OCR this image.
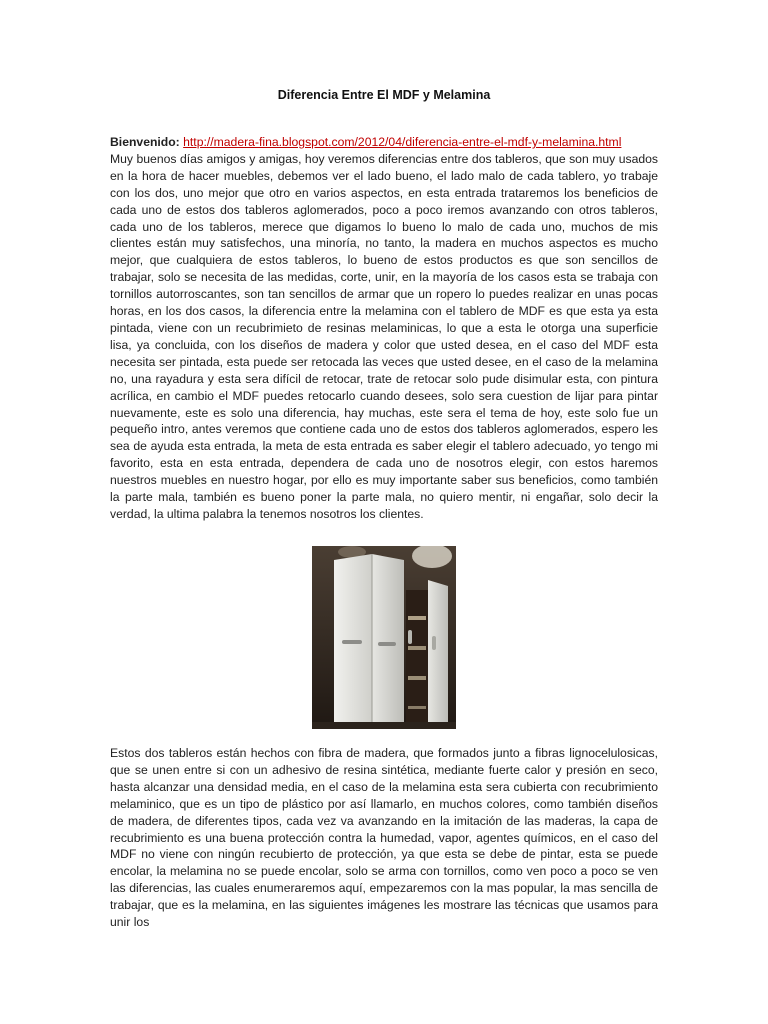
Diferencia Entre El MDF y Melamina
Bienvenido: http://madera-fina.blogspot.com/2012/04/diferencia-entre-el-mdf-y-melamina.html
Muy buenos días amigos y amigas, hoy veremos diferencias entre dos tableros, que son muy usados en la hora de hacer muebles, debemos ver el lado bueno, el lado malo de cada tablero, yo trabaje con los dos, uno mejor que otro en varios aspectos, en esta entrada trataremos los beneficios de cada uno de estos dos tableros aglomerados, poco a poco iremos avanzando con otros tableros, cada uno de los tableros, merece que digamos lo bueno lo malo de cada uno, muchos de mis clientes están muy satisfechos, una minoría, no tanto, la madera en muchos aspectos es mucho mejor, que cualquiera de estos tableros, lo bueno de estos productos es que son sencillos de trabajar, solo se necesita de las medidas, corte, unir, en la mayoría de los casos esta se trabaja con tornillos autorroscantes, son tan sencillos de armar que un ropero lo puedes realizar en unas pocas horas, en los dos casos, la diferencia entre la melamina con el tablero de MDF es que esta ya esta pintada, viene con un recubrimieto de resinas melaminicas, lo que a esta le otorga una superficie lisa, ya concluida, con los diseños de madera y color que usted desea, en el caso del MDF esta necesita ser pintada, esta puede ser retocada las veces que usted desee, en el caso de la melamina no, una rayadura y esta sera difícil de retocar, trate de retocar solo pude disimular esta, con pintura acrílica, en cambio el MDF puedes retocarlo cuando desees, solo sera cuestion de lijar para pintar nuevamente, este es solo una diferencia, hay muchas, este sera el tema de hoy, este solo fue un pequeño intro, antes veremos que contiene cada uno de estos dos tableros aglomerados, espero les sea de ayuda esta entrada, la meta de esta entrada es saber elegir el tablero adecuado, yo tengo mi favorito, esta en esta entrada, dependera de cada uno de nosotros elegir, con estos haremos nuestros muebles en nuestro hogar, por ello es muy importante saber sus beneficios, como también la parte mala, también es bueno poner la parte mala, no quiero mentir, ni engañar, solo decir la verdad, la ultima palabra la tenemos nosotros los clientes.
Estos dos tableros están hechos con fibra de madera, que formados junto a fibras lignocelulosicas, que se unen entre si con un adhesivo de resina sintética, mediante fuerte calor y presión en seco, hasta alcanzar una densidad media, en el caso de la melamina esta sera cubierta con recubrimiento melaminico, que es un tipo de plástico por así llamarlo, en muchos colores, como también diseños de madera, de diferentes tipos, cada vez va avanzando en la imitación de las maderas, la capa de recubrimiento es una buena protección contra la humedad, vapor, agentes químicos, en el caso del MDF no viene con ningún recubierto de protección, ya que esta se debe de pintar, esta se puede encolar, la melamina no se puede encolar, solo se arma con tornillos, como ven poco a poco se ven las diferencias, las cuales enumeraremos aquí, empezaremos con la mas popular, la mas sencilla de trabajar, que es la melamina, en las siguientes imágenes les mostrare las técnicas que usamos para unir los
